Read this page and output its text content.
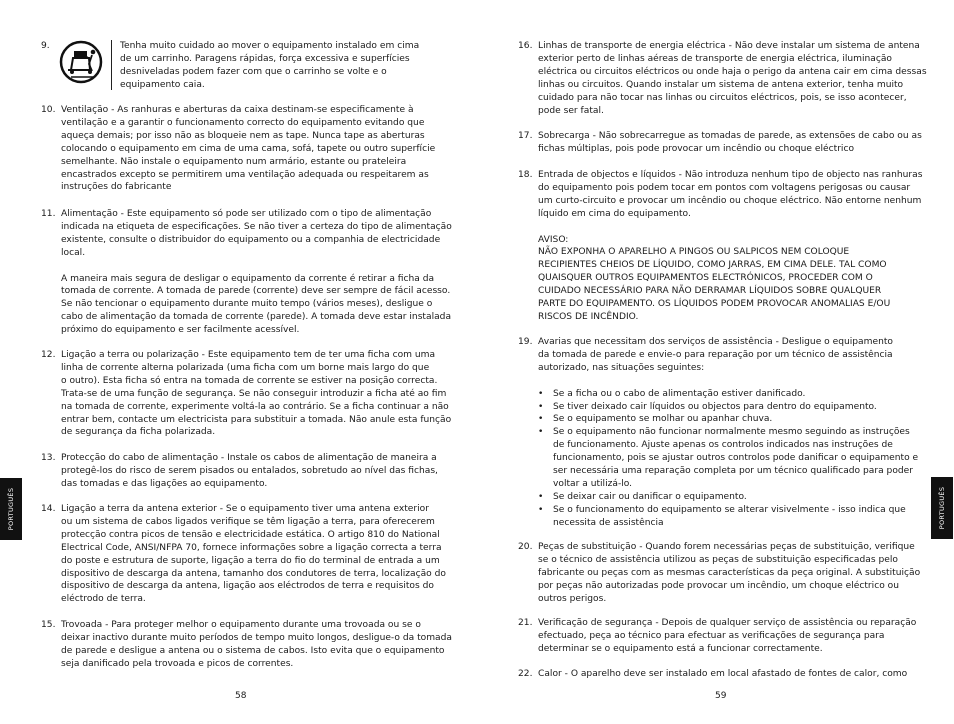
9.	Tenha muito cuidado ao mover o equipamento instalado em cima
de um carrinho. Paragens rápidas, força excessiva e superfícies
desniveladas podem fazer com que o carrinho se volte e o
equipamento caia.
10. Ventilação - As ranhuras e aberturas da caixa destinam-se especificamente à
ventilação e a garantir o funcionamento correcto do equipamento evitando que
aqueça demais; por isso não as bloqueie nem as tape. Nunca tape as aberturas
colocando o equipamento em cima de uma cama, sofá, tapete ou outro superfície
semelhante. Não instale o equipamento num armário, estante ou prateleira
encastrados excepto se permitirem uma ventilação adequada ou respeitarem as
instruções do fabricante
11. Alimentação - Este equipamento só pode ser utilizado com o tipo de alimentação
indicada na etiqueta de especificações. Se não tiver a certeza do tipo de alimentação
existente, consulte o distribuidor do equipamento ou a companhia de electricidade
local.
A maneira mais segura de desligar o equipamento da corrente é retirar a ficha da
tomada de corrente. A tomada de parede (corrente) deve ser sempre de fácil acesso.
Se não tencionar o equipamento durante muito tempo (vários meses), desligue o
cabo de alimentação da tomada de corrente (parede). A tomada deve estar instalada
próximo do equipamento e ser facilmente acessível.
12. Ligação a terra ou polarização - Este equipamento tem de ter uma ficha com uma
linha de corrente alterna polarizada (uma ficha com um borne mais largo do que
o outro). Esta ficha só entra na tomada de corrente se estiver na posição correcta.
Trata-se de uma função de segurança. Se não conseguir introduzir a ficha até ao fim
na tomada de corrente, experimente voltá-la ao contrário. Se a ficha continuar a não
entrar bem, contacte um electricista para substituir a tomada. Não anule esta função
de segurança da ficha polarizada.
13. Protecção do cabo de alimentação - Instale os cabos de alimentação de maneira a
protegê-los do risco de serem pisados ou entalados, sobretudo ao nível das fichas,
das tomadas e das ligações ao equipamento.
14. Ligação a terra da antena exterior - Se o equipamento tiver uma antena exterior
ou um sistema de cabos ligados verifique se têm ligação a terra, para oferecerem
protecção contra picos de tensão e electricidade estática. O artigo 810 do National
Electrical Code, ANSI/NFPA 70, fornece informações sobre a ligação correcta a terra
do poste e estrutura de suporte, ligação a terra do fio do terminal de entrada a um
dispositivo de descarga da antena, tamanho dos condutores de terra, localização do
dispositivo de descarga da antena, ligação aos eléctrodos de terra e requisitos do
eléctrodo de terra.
15. Trovoada - Para proteger melhor o equipamento durante uma trovoada ou se o
deixar inactivo durante muito períodos de tempo muito longos, desligue-o da tomada
de parede e desligue a antena ou o sistema de cabos. Isto evita que o equipamento
seja danificado pela trovoada e picos de correntes.
PORTUGUÊS
58
16. Linhas de transporte de energia eléctrica - Não deve instalar um sistema de antena
exterior perto de linhas aéreas de transporte de energia eléctrica, iluminação
eléctrica ou circuitos eléctricos ou onde haja o perigo da antena cair em cima dessas
linhas ou circuitos. Quando instalar um sistema de antena exterior, tenha muito
cuidado para não tocar nas linhas ou circuitos eléctricos, pois, se isso acontecer,
pode ser fatal.
17. Sobrecarga - Não sobrecarregue as tomadas de parede, as extensões de cabo ou as
fichas múltiplas, pois pode provocar um incêndio ou choque eléctrico
18. Entrada de objectos e líquidos - Não introduza nenhum tipo de objecto nas ranhuras
do equipamento pois podem tocar em pontos com voltagens perigosas ou causar
um curto-circuito e provocar um incêndio ou choque eléctrico. Não entorne nenhum
líquido em cima do equipamento.
AVISO:
NÃO EXPONHA O APARELHO A PINGOS OU SALPICOS NEM COLOQUE
RECIPIENTES CHEIOS DE LÍQUIDO, COMO JARRAS, EM CIMA DELE. TAL COMO
QUAISQUER OUTROS EQUIPAMENTOS ELECTRÓNICOS, PROCEDER COM O
CUIDADO NECESSÁRIO PARA NÃO DERRAMAR LÍQUIDOS SOBRE QUALQUER
PARTE DO EQUIPAMENTO. OS LÍQUIDOS PODEM PROVOCAR ANOMALIAS E/OU
RISCOS DE INCÊNDIO.
19. Avarias que necessitam dos serviços de assistência - Desligue o equipamento
da tomada de parede e envie-o para reparação por um técnico de assistência
autorizado, nas situações seguintes:
• Se a ficha ou o cabo de alimentação estiver danificado.
• Se tiver deixado cair líquidos ou objectos para dentro do equipamento.
• Se o equipamento se molhar ou apanhar chuva.
• Se o equipamento não funcionar normalmente mesmo seguindo as instruções
de funcionamento. Ajuste apenas os controlos indicados nas instruções de
funcionamento, pois se ajustar outros controlos pode danificar o equipamento e
ser necessária uma reparação completa por um técnico qualificado para poder
voltar a utilizá-lo.
• Se deixar cair ou danificar o equipamento.
• Se o funcionamento do equipamento se alterar visivelmente - isso indica que
necessita de assistência
20. Peças de substituição - Quando forem necessárias peças de substituição, verifique
se o técnico de assistência utilizou as peças de substituição especificadas pelo
fabricante ou peças com as mesmas características da peça original. A substituição
por peças não autorizadas pode provocar um incêndio, um choque eléctrico ou
outros perigos.
21. Verificação de segurança - Depois de qualquer serviço de assistência ou reparação
efectuado, peça ao técnico para efectuar as verificações de segurança para
determinar se o equipamento está a funcionar correctamente.
22. Calor - O aparelho deve ser instalado em local afastado de fontes de calor, como
PORTUGUÊS
59
